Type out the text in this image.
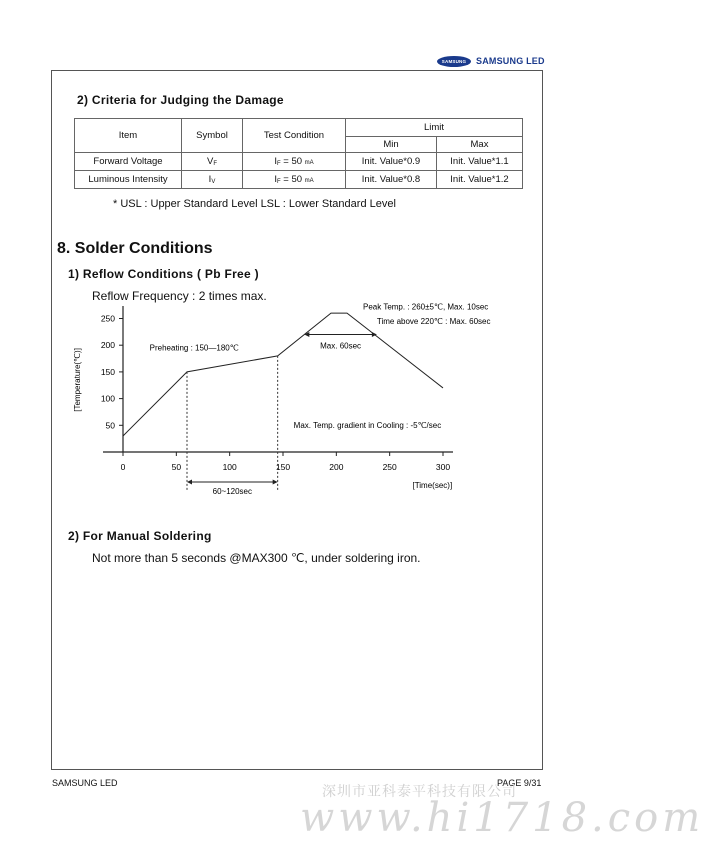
SAMSUNG	SAMSUNG LED
2) Criteria for Judging the Damage
Item	Symbol	Test Condition	Limit	
			Min	Max
Forward Voltage	VF	IF = 50 mA	Init. Value*0.9	Init. Value*1.1
Luminous Intensity	IV	IF = 50 mA	Init. Value*0.8	Init. Value*1.2
* USL : Upper Standard Level LSL : Lower Standard Level
8. Solder Conditions
1) Reflow Conditions ( Pb Free )
Reflow Frequency : 2 times max.
50
100
150
200
250
0	50	100	150	200	250	300
[Temperature(℃)]
[Time(sec)]
60~120sec
Max. 60sec
Preheating : 150—180℃
Peak Temp. : 260±5℃, Max. 10sec
Time above 220℃ : Max. 60sec
Max. Temp. gradient in Cooling : -5℃/sec
2) For Manual Soldering
Not more than 5 seconds @MAX300 ℃, under soldering iron.
SAMSUNG LED	PAGE 9/31
深圳市亚科泰平科技有限公司
www.hi1718.com
